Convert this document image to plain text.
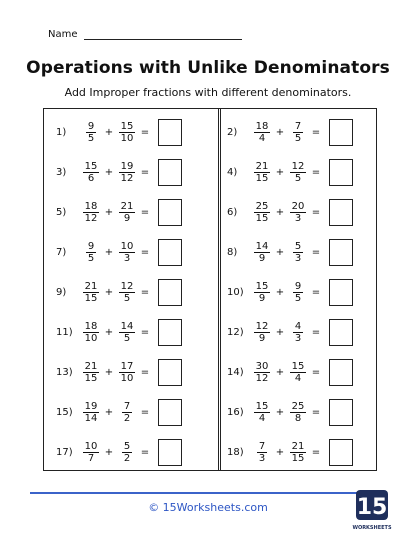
Name
Operations with Unlike Denominators
Add Improper fractions with different denominators.
1)	$\frac{9}{5} + \frac{15}{10}$ =
3)	$\frac{15}{6} + \frac{19}{12}$ =
5)	$\frac{18}{12} + \frac{21}{9}$ =
7)	$\frac{9}{5} + \frac{10}{3}$ =
9)	$\frac{21}{15} + \frac{12}{5}$ =
$11) \frac{18}{10} + \frac{14}{5}$ =
$13) \frac{21}{15} + \frac{17}{10}$ =
$15) \frac{19}{14} + \frac{7}{2}$ =
$17) \frac{10}{7} + \frac{5}{2}$ =
2)	$\frac{18}{4} + \frac{7}{5}$ =
4)	$\frac{21}{15} + \frac{12}{5}$ =
6)	$\frac{25}{15} + \frac{20}{3}$ =
8)	$\frac{14}{9} + \frac{5}{3}$ =
$10) \frac{15}{9} + \frac{9}{5}$ =
$12) \frac{12}{9} + \frac{4}{3}$ =
$14) \frac{30}{12} + \frac{15}{4}$ =
$16) \frac{15}{4} + \frac{25}{8}$ =
$18) \frac{7}{3} + \frac{21}{15}$ =
© 15Worksheets.com	15
WORKSHEETS
